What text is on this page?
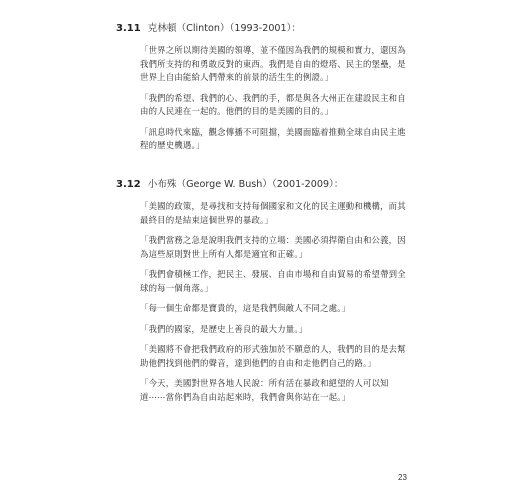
3.11 克林頓（Clinton）（1993-2001）：

「世界之所以期待美國的領導，並不僅因為我們的規模和實力，還因為我們所支持的和勇敢反對的東西。我們是自由的燈塔、民主的堡壘，是世界上自由能給人們帶來的前景的活生生的例證。」

「我們的希望、我們的心、我們的手，都是與各大州正在建設民主和自由的人民連在一起的。他們的目的是美國的目的。」

「訊息時代來臨，觀念傳播不可阻擋，美國面臨着推動全球自由民主進程的歷史機遇。」

3.12 小布殊（George W. Bush）（2001-2009）：

「美國的政策，是尋找和支持每個國家和文化的民主運動和機構，而其最終目的是結束這個世界的暴政。」

「我們當務之急是說明我們支持的立場：美國必須捍衛自由和公義，因為這些原則對世上所有人都是適宜和正確。」

「我們會積極工作，把民主、發展、自由市場和自由貿易的希望帶到全球的每一個角落。」

「每一個生命都是寶貴的，這是我們與敵人不同之處。」

「我們的國家，是歷史上善良的最大力量。」

「美國將不會把我們政府的形式強加於不願意的人，我們的目的是去幫助他們找到他們的聲音，達到他們的自由和走他們自己的路。」

「今天，美國對世界各地人民說：所有活在暴政和絕望的人可以知道⋯⋯當你們為自由站起來時，我們會與你站在一起。」

23
